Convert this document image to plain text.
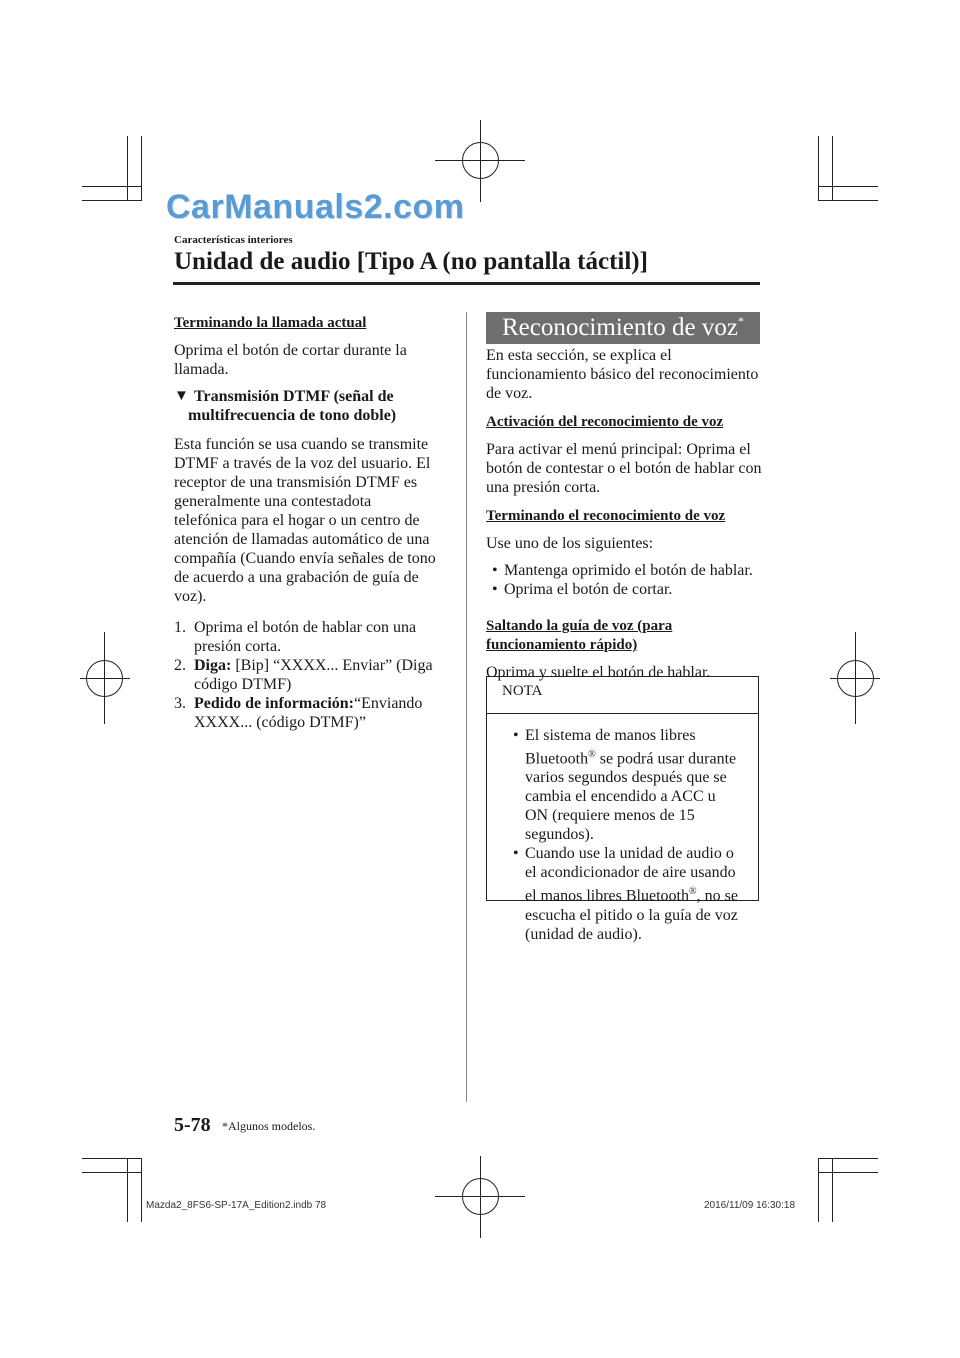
CarManuals2.com
Características interiores
Unidad de audio [Tipo A (no pantalla táctil)]
Terminando la llamada actual

Oprima el botón de cortar durante la llamada.

▼ Transmisión DTMF (señal de
multifrecuencia de tono doble)

Esta función se usa cuando se transmite DTMF a través de la voz del usuario. El receptor de una transmisión DTMF es generalmente una contestadota telefónica para el hogar o un centro de atención de llamadas automático de una compañía (Cuando envía señales de tono de acuerdo a una grabación de guía de voz).

1. Oprima el botón de hablar con una presión corta.
2. Diga: [Bip] “XXXX... Enviar” (Diga código DTMF)
3. Pedido de información:“Enviando XXXX... (código DTMF)”
Reconocimiento de voz*

En esta sección, se explica el funcionamiento básico del reconocimiento de voz.

Activación del reconocimiento de voz

Para activar el menú principal: Oprima el botón de contestar o el botón de hablar con una presión corta.

Terminando el reconocimiento de voz

Use uno de los siguientes:

• Mantenga oprimido el botón de hablar.
• Oprima el botón de cortar.
Saltando la guía de voz (para
funcionamiento rápido)

Oprima y suelte el botón de hablar.

NOTA
• El sistema de manos libres Bluetooth® se podrá usar durante varios segundos después que se cambia el encendido a ACC u ON (requiere menos de 15 segundos).
• Cuando use la unidad de audio o el acondicionador de aire usando el manos libres Bluetooth®, no se escucha el pitido o la guía de voz (unidad de audio).
5-78 *Algunos modelos.
Mazda2_8FS6-SP-17A_Edition2.indb 78	2016/11/09 16:30:18
